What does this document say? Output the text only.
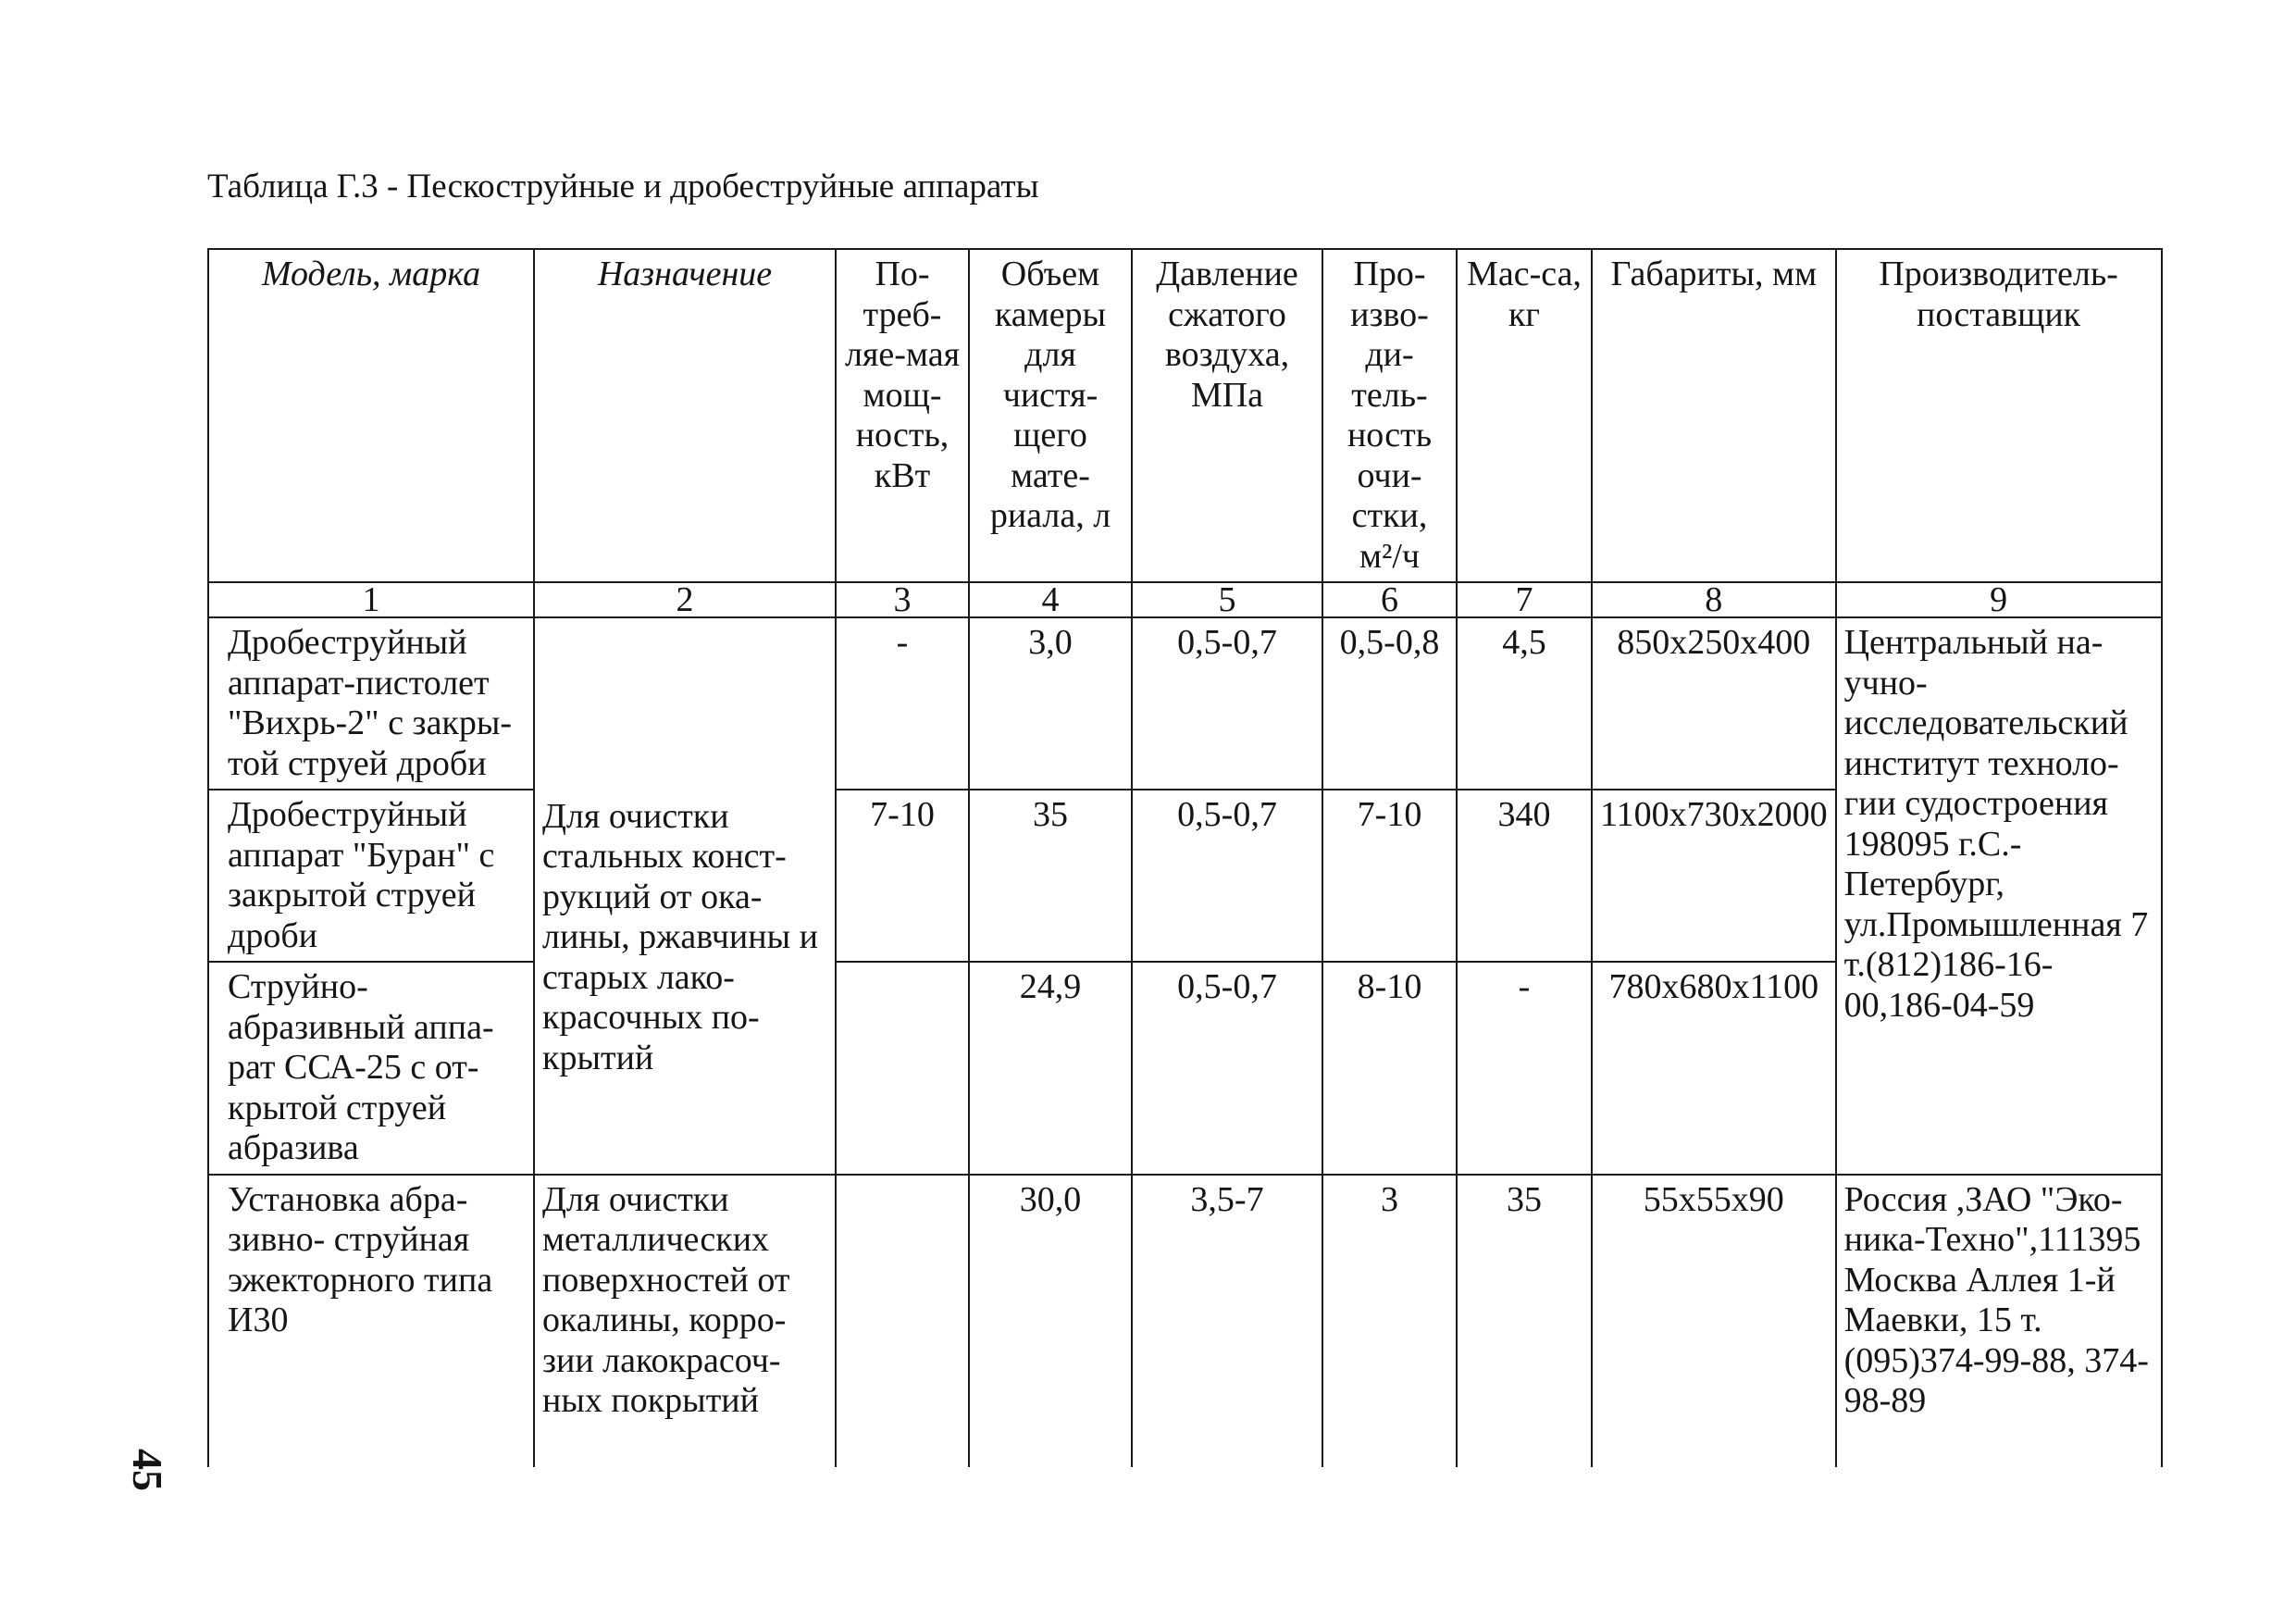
Таблица Г.3 - Пескоструйные и дробеструйные аппараты
Модель, марка	Назначение	По-треб-ляе-мая мощ-ность, кВт	Объем камеры для чистя-щего мате-риала, л	Давление сжатого воздуха, МПа	Про-изво-ди-тель-ность очи-стки, м²/ч	Мас-са, кг	Габариты, мм	Производитель-поставщик
1	2	3	4	5	6	7	8	9
Дробеструйный аппарат-пистолет "Вихрь-2" с закры-той струей дроби	Для очистки стальных конст-рукций от ока-лины, ржавчины и старых лако-красочных по-крытий	-	3,0	0,5-0,7	0,5-0,8	4,5	850x250x400	Центральный на-учно-исследовательский институт техноло-гии судостроения 198095 г.С.-Петербург, ул.Промышленная 7 т.(812)186-16-00,186-04-59
Дробеструйный аппарат "Буран" с закрытой струей дроби		7-10	35	0,5-0,7	7-10	340	1100x730x2000	
Струйно-абразивный аппа-рат ССА-25 с от-крытой струей абразива			24,9	0,5-0,7	8-10	-	780x680x1100	
Установка абра-зивно- струйная эжекторного типа И30	Для очистки металлических поверхностей от окалины, корро-зии лакокрасоч-ных покрытий		30,0	3,5-7	3	35	55x55x90	Россия ,ЗАО "Эко-ника-Техно",111395 Москва Аллея 1-й Маевки, 15 т.(095)374-99-88, 374-98-89
45
